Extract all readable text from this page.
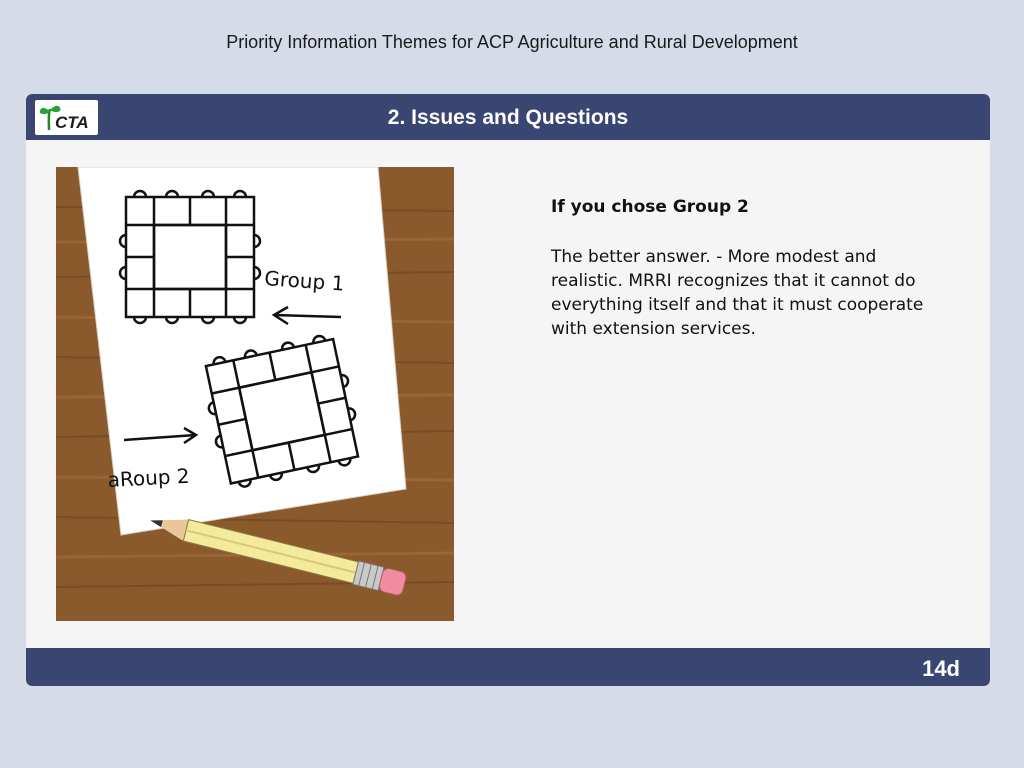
Priority Information Themes for ACP Agriculture and Rural Development
CTA	2. Issues and Questions
Group 1
aRoup 2

If you chose Group 2

The better answer. - More modest and realistic. MRRI recognizes that it cannot do everything itself and that it must cooperate with extension services.

14d
